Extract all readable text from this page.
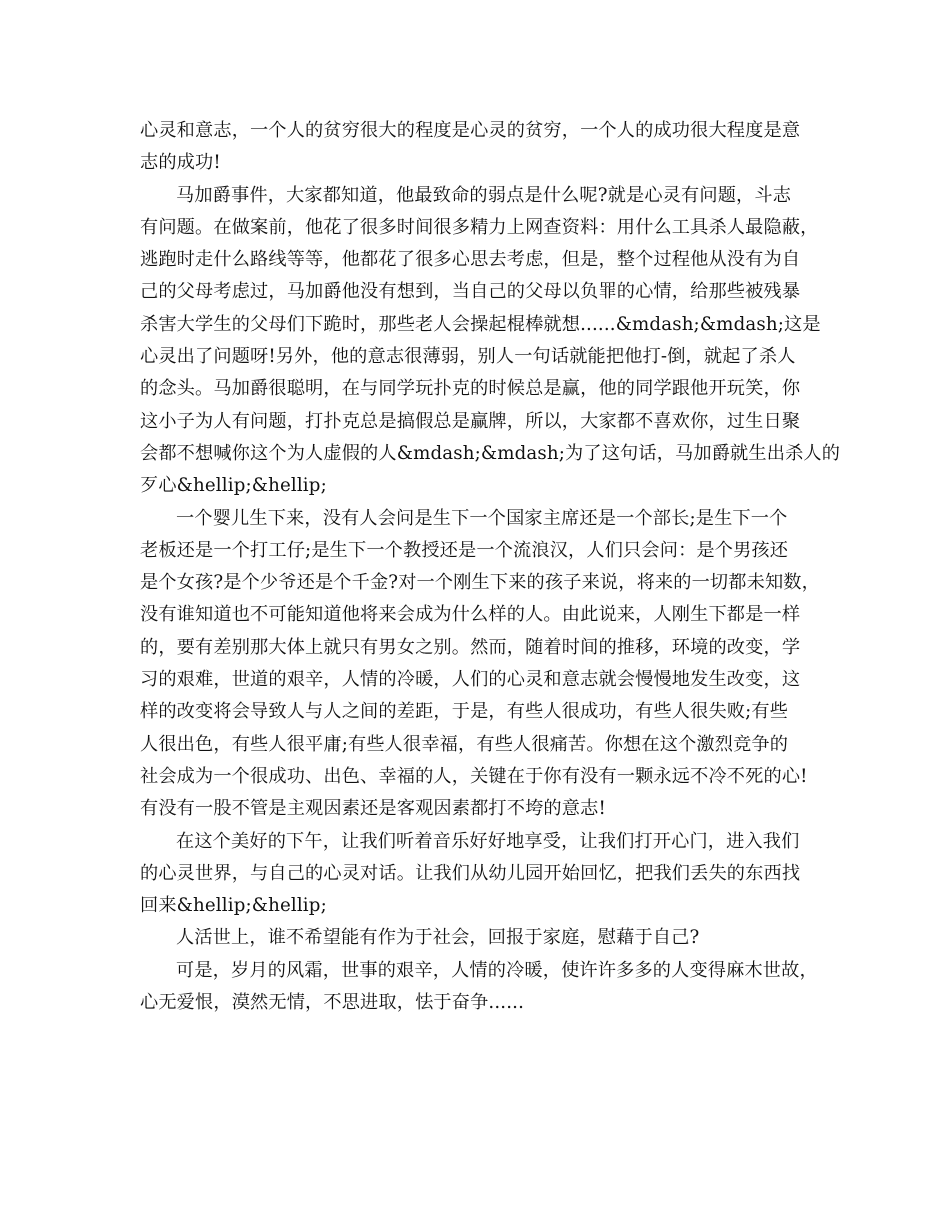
心灵和意志，一个人的贫穷很大的程度是心灵的贫穷，一个人的成功很大程度是意
志的成功!
马加爵事件，大家都知道，他最致命的弱点是什么呢?就是心灵有问题，斗志
有问题。在做案前，他花了很多时间很多精力上网查资料：用什么工具杀人最隐蔽，
逃跑时走什么路线等等，他都花了很多心思去考虑，但是，整个过程他从没有为自
己的父母考虑过，马加爵他没有想到，当自己的父母以负罪的心情，给那些被残暴
杀害大学生的父母们下跪时，那些老人会操起棍棒就想......&mdash;&mdash;这是
心灵出了问题呀!另外，他的意志很薄弱，别人一句话就能把他打-倒，就起了杀人
的念头。马加爵很聪明，在与同学玩扑克的时候总是赢，他的同学跟他开玩笑，你
这小子为人有问题，打扑克总是搞假总是赢牌，所以，大家都不喜欢你，过生日聚
会都不想喊你这个为人虚假的人&mdash;&mdash;为了这句话，马加爵就生出杀人的
歹心&hellip;&hellip;
一个婴儿生下来，没有人会问是生下一个国家主席还是一个部长;是生下一个
老板还是一个打工仔;是生下一个教授还是一个流浪汉，人们只会问：是个男孩还
是个女孩?是个少爷还是个千金?对一个刚生下来的孩子来说，将来的一切都未知数，
没有谁知道也不可能知道他将来会成为什么样的人。由此说来，人刚生下都是一样
的，要有差别那大体上就只有男女之别。然而，随着时间的推移，环境的改变，学
习的艰难，世道的艰辛，人情的冷暖，人们的心灵和意志就会慢慢地发生改变，这
样的改变将会导致人与人之间的差距，于是，有些人很成功，有些人很失败;有些
人很出色，有些人很平庸;有些人很幸福，有些人很痛苦。你想在这个激烈竞争的
社会成为一个很成功、出色、幸福的人，关键在于你有没有一颗永远不冷不死的心!
有没有一股不管是主观因素还是客观因素都打不垮的意志!
在这个美好的下午，让我们听着音乐好好地享受，让我们打开心门，进入我们
的心灵世界，与自己的心灵对话。让我们从幼儿园开始回忆，把我们丢失的东西找
回来&hellip;&hellip;
人活世上，谁不希望能有作为于社会，回报于家庭，慰藉于自己?
可是，岁月的风霜，世事的艰辛，人情的冷暖，使许许多多的人变得麻木世故，
心无爱恨，漠然无情，不思进取，怯于奋争......
